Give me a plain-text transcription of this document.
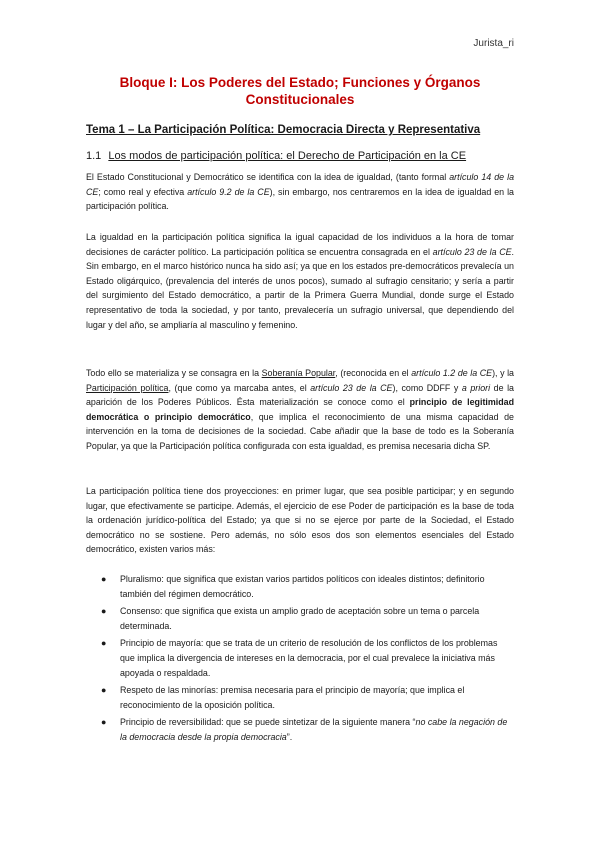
Jurista_ri
Bloque I: Los Poderes del Estado; Funciones y Órganos Constitucionales
Tema 1 – La Participación Política: Democracia Directa y Representativa
1.1 Los modos de participación política: el Derecho de Participación en la CE

El Estado Constitucional y Democrático se identifica con la idea de igualdad, (tanto formal artículo 14 de la CE; como real y efectiva artículo 9.2 de la CE), sin embargo, nos centraremos en la idea de igualdad en la participación política.

La igualdad en la participación política significa la igual capacidad de los individuos a la hora de tomar decisiones de carácter político. La participación política se encuentra consagrada en el artículo 23 de la CE. Sin embargo, en el marco histórico nunca ha sido así; ya que en los estados pre-democráticos prevalecía un Estado oligárquico, (prevalencia del interés de unos pocos), sumado al sufragio censitario; y sería a partir del surgimiento del Estado democrático, a partir de la Primera Guerra Mundial, donde surge el Estado representativo de toda la sociedad, y por tanto, prevalecería un sufragio universal, que dependiendo del lugar y del año, se ampliaría al masculino y femenino.

Todo ello se materializa y se consagra en la Soberanía Popular, (reconocida en el artículo 1.2 de la CE), y la Participación política, (que como ya marcaba antes, el artículo 23 de la CE), como DDFF y a priori de la aparición de los Poderes Públicos. Ésta materialización se conoce como el principio de legitimidad democrática o principio democrático, que implica el reconocimiento de una misma capacidad de intervención en la toma de decisiones de la sociedad. Cabe añadir que la base de todo es la Soberanía Popular, ya que la Participación política configurada con esta igualdad, es premisa necesaria dicha SP.

La participación política tiene dos proyecciones: en primer lugar, que sea posible participar; y en segundo lugar, que efectivamente se participe. Además, el ejercicio de ese Poder de participación es la base de toda la ordenación jurídico-política del Estado; ya que si no se ejerce por parte de la Sociedad, el Estado democrático no se sostiene. Pero además, no sólo esos dos son elementos esenciales del Estado democrático, existen varios más:

● Pluralismo: que significa que existan varios partidos políticos con ideales distintos; definitorio también del régimen democrático.
● Consenso: que significa que exista un amplio grado de aceptación sobre un tema o parcela determinada.
● Principio de mayoría: que se trata de un criterio de resolución de los conflictos de los problemas que implica la divergencia de intereses en la democracia, por el cual prevalece la iniciativa más apoyada o respaldada.
● Respeto de las minorías: premisa necesaria para el principio de mayoría; que implica el reconocimiento de la oposición política.
● Principio de reversibilidad: que se puede sintetizar de la siguiente manera “no cabe la negación de la democracia desde la propia democracia”.
